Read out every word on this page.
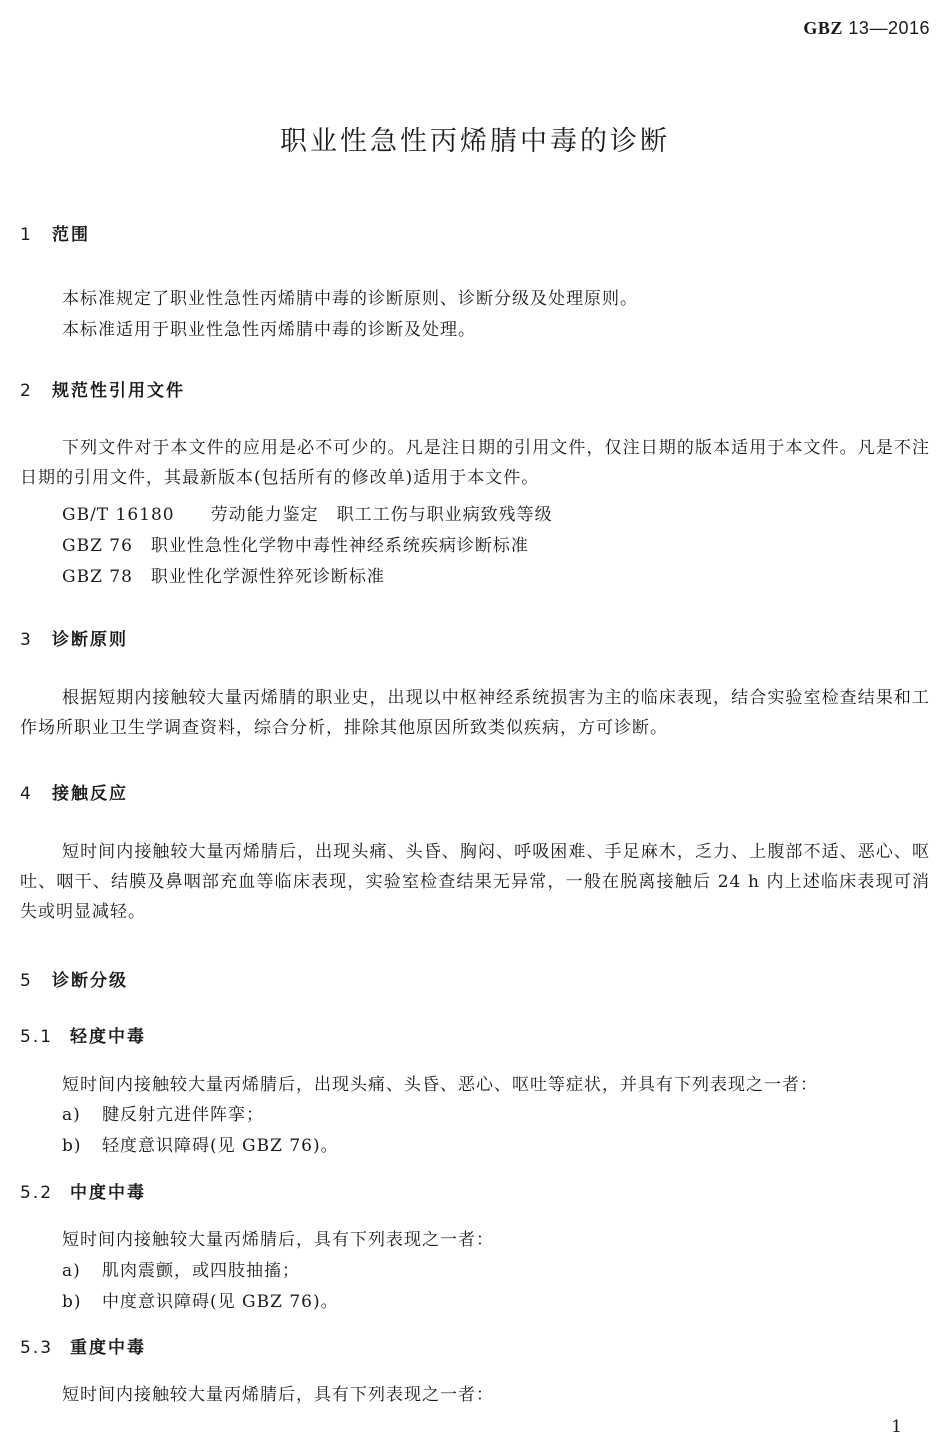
GBZ 13—2016
职业性急性丙烯腈中毒的诊断
1 范围
本标准规定了职业性急性丙烯腈中毒的诊断原则、诊断分级及处理原则。
本标准适用于职业性急性丙烯腈中毒的诊断及处理。
2 规范性引用文件
下列文件对于本文件的应用是必不可少的。凡是注日期的引用文件，仅注日期的版本适用于本文件。凡是不注日期的引用文件，其最新版本(包括所有的修改单)适用于本文件。
GB/T 16180　　 劳动能力鉴定　职工工伤与职业病致残等级
GBZ 76　 职业性急性化学物中毒性神经系统疾病诊断标准
GBZ 78　 职业性化学源性猝死诊断标准
3 诊断原则
根据短期内接触较大量丙烯腈的职业史，出现以中枢神经系统损害为主的临床表现，结合实验室检查结果和工作场所职业卫生学调查资料，综合分析，排除其他原因所致类似疾病，方可诊断。
4 接触反应
短时间内接触较大量丙烯腈后，出现头痛、头昏、胸闷、呼吸困难、手足麻木，乏力、上腹部不适、恶心、呕吐、咽干、结膜及鼻咽部充血等临床表现，实验室检查结果无异常，一般在脱离接触后 24 h 内上述临床表现可消失或明显减轻。
5 诊断分级
5.1 轻度中毒
短时间内接触较大量丙烯腈后，出现头痛、头昏、恶心、呕吐等症状，并具有下列表现之一者：
a) 腱反射亢进伴阵挛；
b) 轻度意识障碍(见 GBZ 76)。
5.2 中度中毒
短时间内接触较大量丙烯腈后，具有下列表现之一者：
a) 肌肉震颤，或四肢抽搐；
b) 中度意识障碍(见 GBZ 76)。
5.3 重度中毒
短时间内接触较大量丙烯腈后，具有下列表现之一者：
1
